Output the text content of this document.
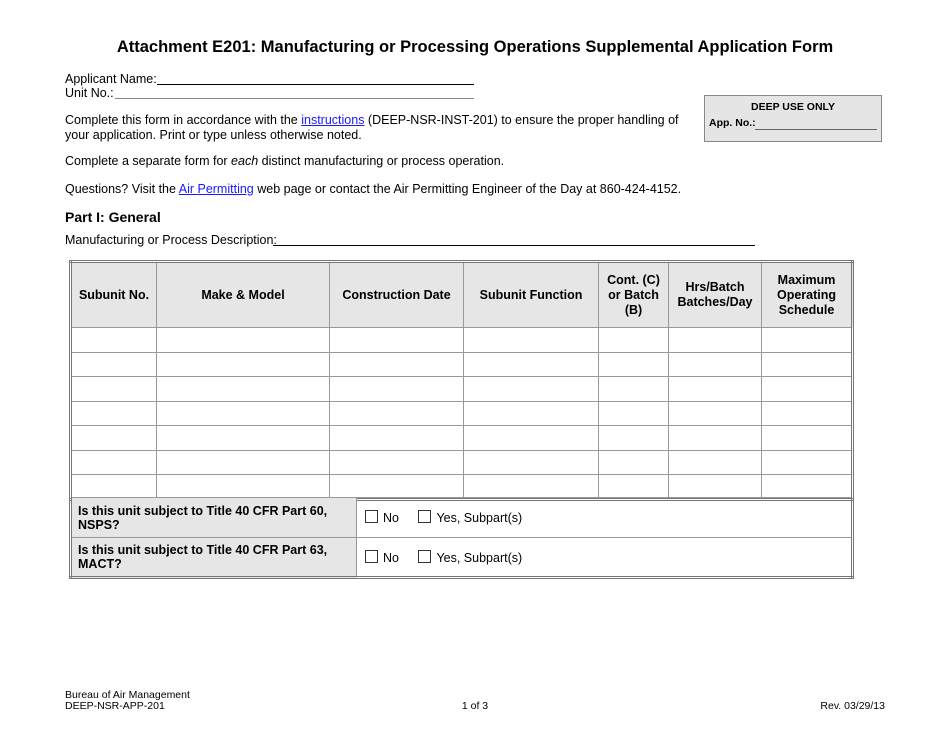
Attachment E201: Manufacturing or Processing Operations Supplemental Application Form
Applicant Name:
Unit No.:
DEEP USE ONLY
App. No.:
Complete this form in accordance with the instructions (DEEP-NSR-INST-201) to ensure the proper handling of your application. Print or type unless otherwise noted.
Complete a separate form for each distinct manufacturing or process operation.
Questions? Visit the Air Permitting web page or contact the Air Permitting Engineer of the Day at 860-424-4152.
Part I: General
Manufacturing or Process Description:
Subunit No.	Make & Model	Construction Date	Subunit Function	Cont. (C) or Batch (B)	Hrs/Batch Batches/Day	Maximum Operating Schedule

Is this unit subject to Title 40 CFR Part 60, NSPS?	No Yes, Subpart(s)
Is this unit subject to Title 40 CFR Part 63, MACT?	No Yes, Subpart(s)
Bureau of Air Management
DEEP-NSR-APP-201	1 of 3	Rev. 03/29/13
